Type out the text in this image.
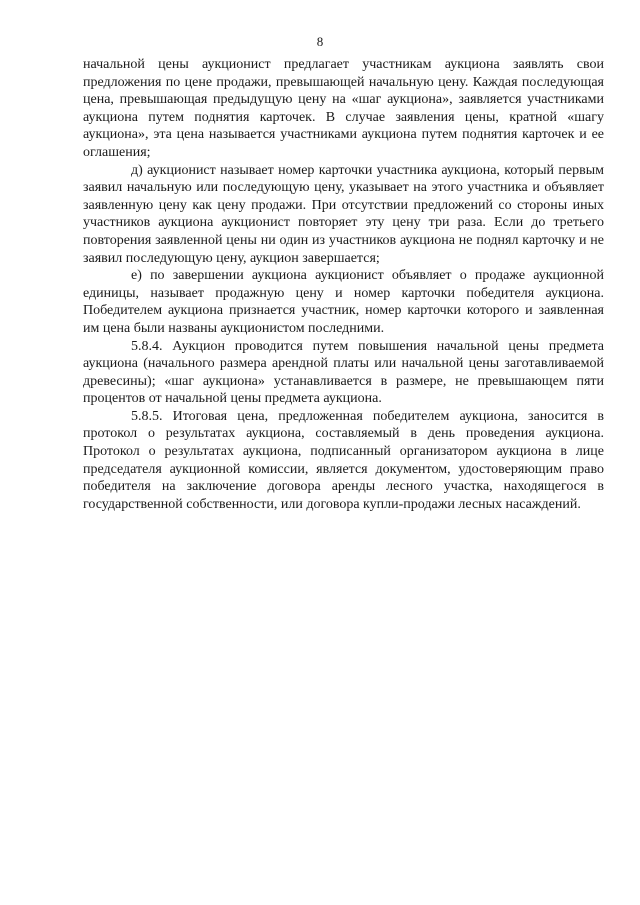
8

начальной цены аукционист предлагает участникам аукциона заявлять свои предложения по цене продажи, превышающей начальную цену. Каждая последующая цена, превышающая предыдущую цену на «шаг аукциона», заявляется участниками аукциона путем поднятия карточек. В случае заявления цены, кратной «шагу аукциона», эта цена называется участниками аукциона путем поднятия карточек и ее оглашения;

д) аукционист называет номер карточки участника аукциона, который первым заявил начальную или последующую цену, указывает на этого участника и объявляет заявленную цену как цену продажи. При отсутствии предложений со стороны иных участников аукциона аукционист повторяет эту цену три раза. Если до третьего повторения заявленной цены ни один из участников аукциона не поднял карточку и не заявил последующую цену, аукцион завершается;

е) по завершении аукциона аукционист объявляет о продаже аукционной единицы, называет продажную цену и номер карточки победителя аукциона. Победителем аукциона признается участник, номер карточки которого и заявленная им цена были названы аукционистом последними.

5.8.4. Аукцион проводится путем повышения начальной цены предмета аукциона (начального размера арендной платы или начальной цены заготавливаемой древесины); «шаг аукциона» устанавливается в размере, не превышающем пяти процентов от начальной цены предмета аукциона.

5.8.5. Итоговая цена, предложенная победителем аукциона, заносится в протокол о результатах аукциона, составляемый в день проведения аукциона. Протокол о результатах аукциона, подписанный организатором аукциона в лице председателя аукционной комиссии, является документом, удостоверяющим право победителя на заключение договора аренды лесного участка, находящегося в государственной собственности, или договора купли-продажи лесных насаждений.
